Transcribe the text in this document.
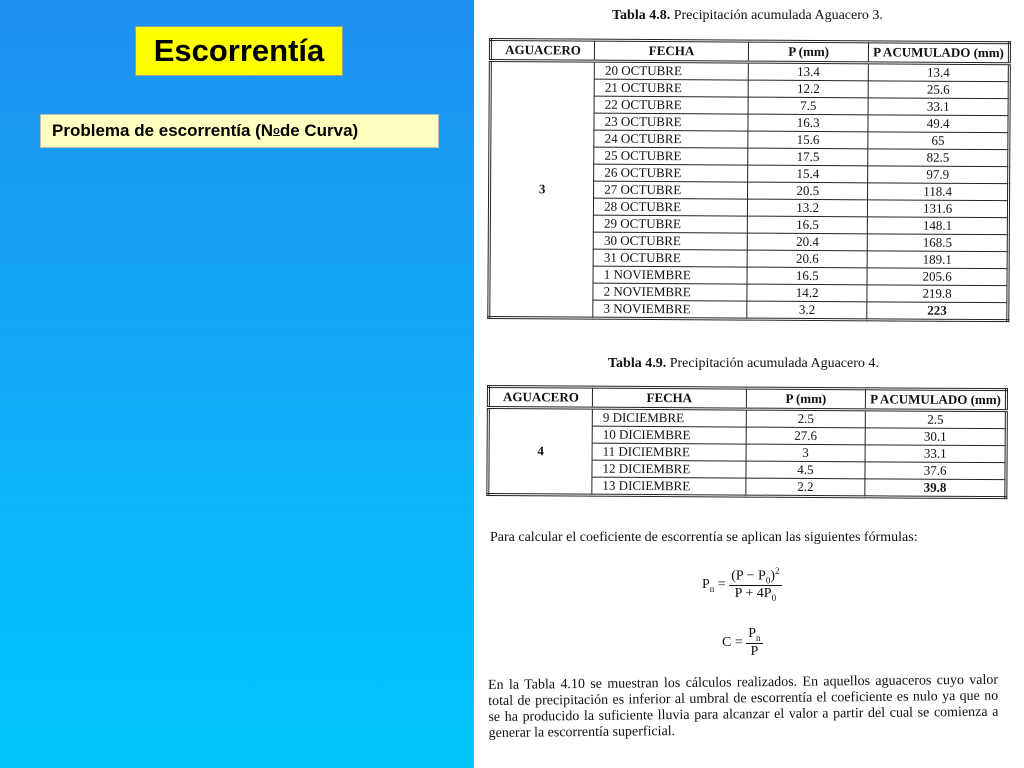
Escorrentía
Problema de escorrentía (N o de Curva)
Tabla 4.8. Precipitación acumulada Aguacero 3.
AGUACERO	FECHA	P (mm)	P ACUMULADO (mm)
3	20 OCTUBRE	13.4	13.4
	21 OCTUBRE	12.2	25.6
	22 OCTUBRE	7.5	33.1
	23 OCTUBRE	16.3	49.4
	24 OCTUBRE	15.6	65
	25 OCTUBRE	17.5	82.5
	26 OCTUBRE	15.4	97.9
	27 OCTUBRE	20.5	118.4
	28 OCTUBRE	13.2	131.6
	29 OCTUBRE	16.5	148.1
	30 OCTUBRE	20.4	168.5
	31 OCTUBRE	20.6	189.1
	1 NOVIEMBRE	16.5	205.6
	2 NOVIEMBRE	14.2	219.8
	3 NOVIEMBRE	3.2	223
Tabla 4.9. Precipitación acumulada Aguacero 4.
AGUACERO	FECHA	P (mm)	P ACUMULADO (mm)
4	9 DICIEMBRE	2.5	2.5
	10 DICIEMBRE	27.6	30.1
	11 DICIEMBRE	3	33.1
	12 DICIEMBRE	4.5	37.6
	13 DICIEMBRE	2.2	39.8
Para calcular el coeficiente de escorrentía se aplican las siguientes fórmulas:
$P_n = \frac{(P - P_0)^2}{P + 4P_0}$
$C = \frac{P_n}{P}$
En la Tabla 4.10 se muestran los cálculos realizados. En aquellos aguaceros cuyo valor total de precipitación es inferior al umbral de escorrentía el coeficiente es nulo ya que no se ha producido la suficiente lluvia para alcanzar el valor a partir del cual se comienza a generar la escorrentía superficial.
